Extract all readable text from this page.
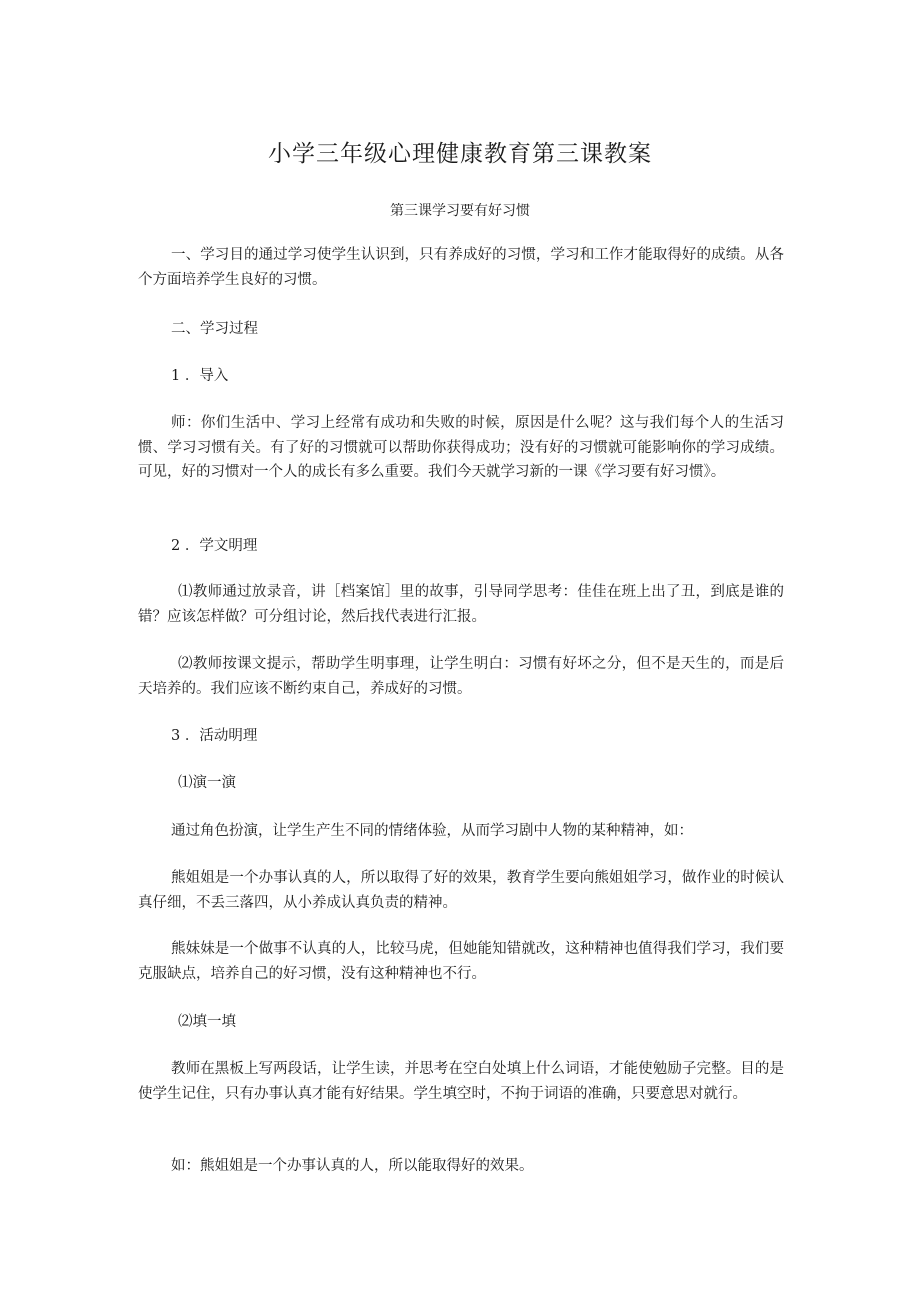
小学三年级心理健康教育第三课教案

第三课学习要有好习惯

一、学习目的通过学习使学生认识到，只有养成好的习惯，学习和工作才能取得好的成绩。从各个方面培养学生良好的习惯。

二、学习过程

1 ．导入

师：你们生活中、学习上经常有成功和失败的时候，原因是什么呢？这与我们每个人的生活习惯、学习习惯有关。有了好的习惯就可以帮助你获得成功；没有好的习惯就可能影响你的学习成绩。可见，好的习惯对一个人的成长有多么重要。我们今天就学习新的一课《学习要有好习惯》。

2 ．学文明理

⑴教师通过放录音，讲［档案馆］里的故事，引导同学思考：佳佳在班上出了丑，到底是谁的错？应该怎样做？可分组讨论，然后找代表进行汇报。

⑵教师按课文提示，帮助学生明事理，让学生明白：习惯有好坏之分，但不是天生的，而是后天培养的。我们应该不断约束自己，养成好的习惯。

3 ．活动明理

⑴演一演

通过角色扮演，让学生产生不同的情绪体验，从而学习剧中人物的某种精神，如：

熊姐姐是一个办事认真的人，所以取得了好的效果，教育学生要向熊姐姐学习，做作业的时候认真仔细，不丢三落四，从小养成认真负责的精神。

熊妹妹是一个做事不认真的人，比较马虎，但她能知错就改，这种精神也值得我们学习，我们要克服缺点，培养自己的好习惯，没有这种精神也不行。

⑵填一填

教师在黑板上写两段话，让学生读，并思考在空白处填上什么词语，才能使勉励子完整。目的是使学生记住，只有办事认真才能有好结果。学生填空时，不拘于词语的准确，只要意思对就行。

如：熊姐姐是一个办事认真的人，所以能取得好的效果。
